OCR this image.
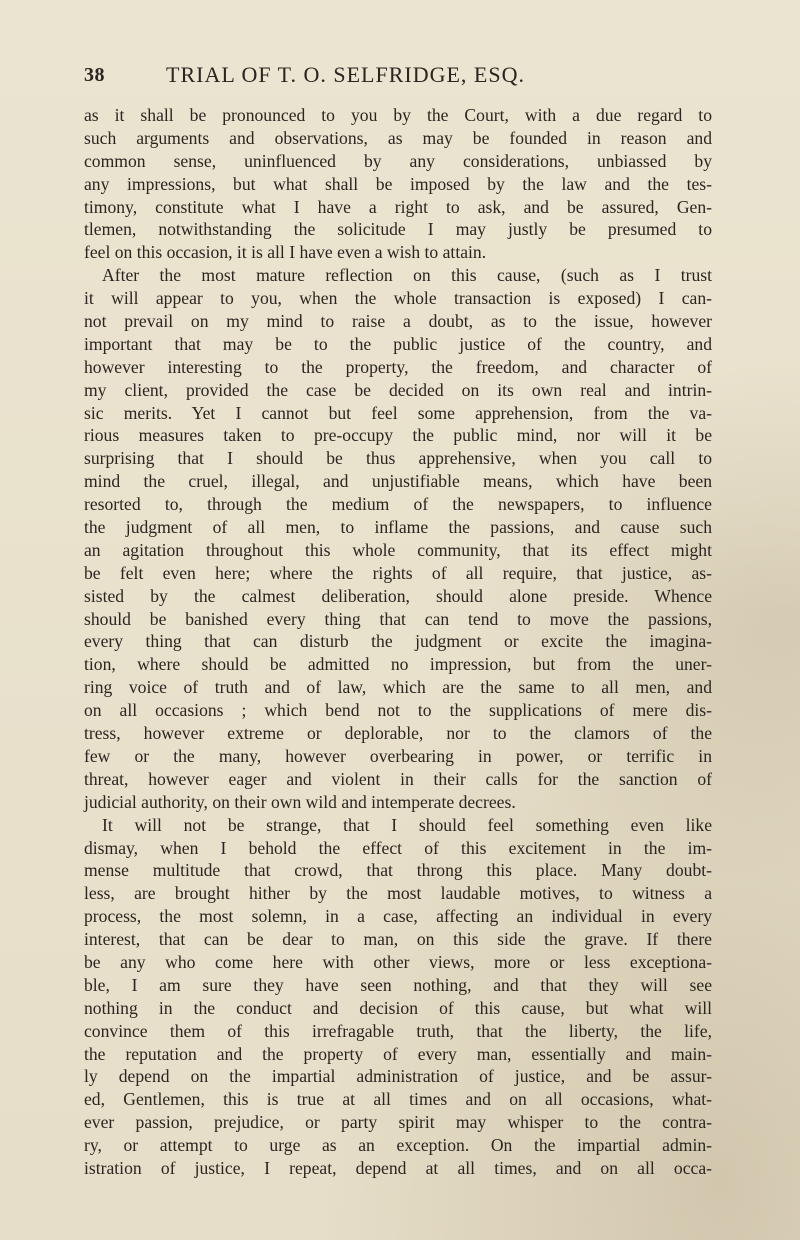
38	TRIAL OF T. O. SELFRIDGE, ESQ.
as it shall be pronounced to you by the Court, with a due regard to
such arguments and observations, as may be founded in reason and
common sense, uninfluenced by any considerations, unbiassed by
any impressions, but what shall be imposed by the law and the tes-
timony, constitute what I have a right to ask, and be assured, Gen-
tlemen, notwithstanding the solicitude I may justly be presumed to
feel on this occasion, it is all I have even a wish to attain.
After the most mature reflection on this cause, (such as I trust
it will appear to you, when the whole transaction is exposed) I can-
not prevail on my mind to raise a doubt, as to the issue, however
important that may be to the public justice of the country, and
however interesting to the property, the freedom, and character of
my client, provided the case be decided on its own real and intrin-
sic merits. Yet I cannot but feel some apprehension, from the va-
rious measures taken to pre-occupy the public mind, nor will it be
surprising that I should be thus apprehensive, when you call to
mind the cruel, illegal, and unjustifiable means, which have been
resorted to, through the medium of the newspapers, to influence
the judgment of all men, to inflame the passions, and cause such
an agitation throughout this whole community, that its effect might
be felt even here; where the rights of all require, that justice, as-
sisted by the calmest deliberation, should alone preside. Whence
should be banished every thing that can tend to move the passions,
every thing that can disturb the judgment or excite the imagina-
tion, where should be admitted no impression, but from the uner-
ring voice of truth and of law, which are the same to all men, and
on all occasions ; which bend not to the supplications of mere dis-
tress, however extreme or deplorable, nor to the clamors of the
few or the many, however overbearing in power, or terrific in
threat, however eager and violent in their calls for the sanction of
judicial authority, on their own wild and intemperate decrees.
It will not be strange, that I should feel something even like
dismay, when I behold the effect of this excitement in the im-
mense multitude that crowd, that throng this place. Many doubt-
less, are brought hither by the most laudable motives, to witness a
process, the most solemn, in a case, affecting an individual in every
interest, that can be dear to man, on this side the grave. If there
be any who come here with other views, more or less exceptiona-
ble, I am sure they have seen nothing, and that they will see
nothing in the conduct and decision of this cause, but what will
convince them of this irrefragable truth, that the liberty, the life,
the reputation and the property of every man, essentially and main-
ly depend on the impartial administration of justice, and be assur-
ed, Gentlemen, this is true at all times and on all occasions, what-
ever passion, prejudice, or party spirit may whisper to the contra-
ry, or attempt to urge as an exception. On the impartial admin-
istration of justice, I repeat, depend at all times, and on all occa-
